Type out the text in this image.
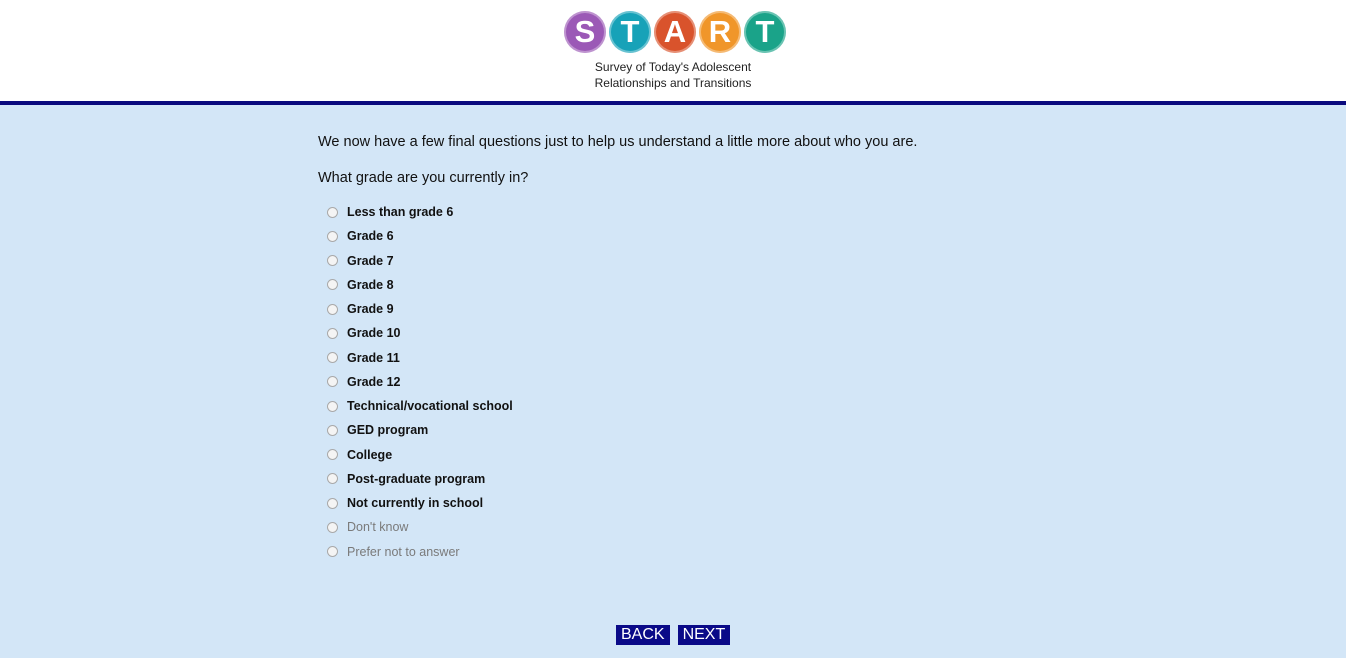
S T A R T
Survey of Today's Adolescent
Relationships and Transitions
We now have a few final questions just to help us understand a little more about who you are.
What grade are you currently in?
Less than grade 6
Grade 6
Grade 7
Grade 8
Grade 9
Grade 10
Grade 11
Grade 12
Technical/vocational school
GED program
College
Post-graduate program
Not currently in school
Don't know
Prefer not to answer
BACK	NEXT
